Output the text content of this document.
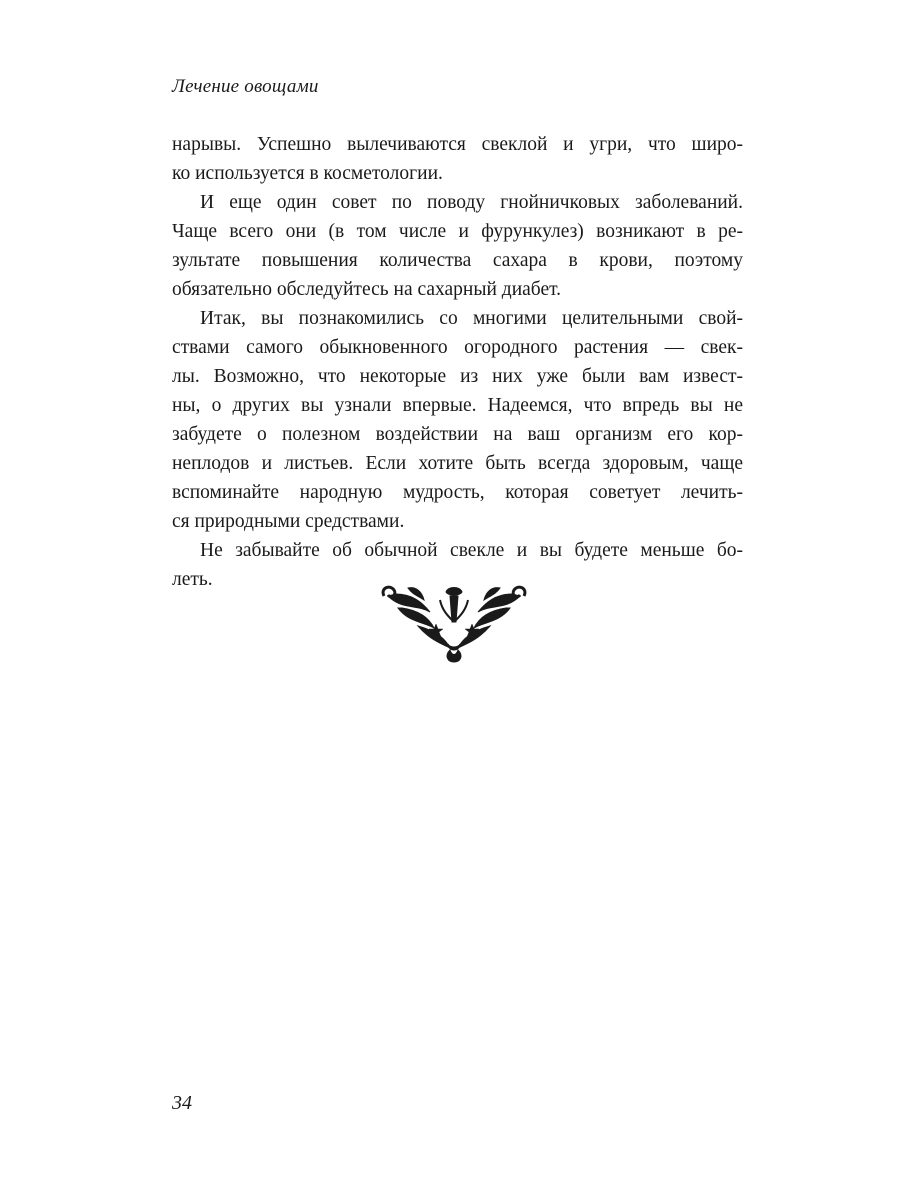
Лечение овощами
нарывы. Успешно вылечиваются свеклой и угри, что широ-
ко используется в косметологии.
И еще один совет по поводу гнойничковых заболеваний.
Чаще всего они (в том числе и фурункулез) возникают в ре-
зультате повышения количества сахара в крови, поэтому
обязательно обследуйтесь на сахарный диабет.
Итак, вы познакомились со многими целительными свой-
ствами самого обыкновенного огородного растения — свек-
лы. Возможно, что некоторые из них уже были вам извест-
ны, о других вы узнали впервые. Надеемся, что впредь вы не
забудете о полезном воздействии на ваш организм его кор-
неплодов и листьев. Если хотите быть всегда здоровым, чаще
вспоминайте народную мудрость, которая советует лечить-
ся природными средствами.
Не забывайте об обычной свекле и вы будете меньше бо-
леть.
34
